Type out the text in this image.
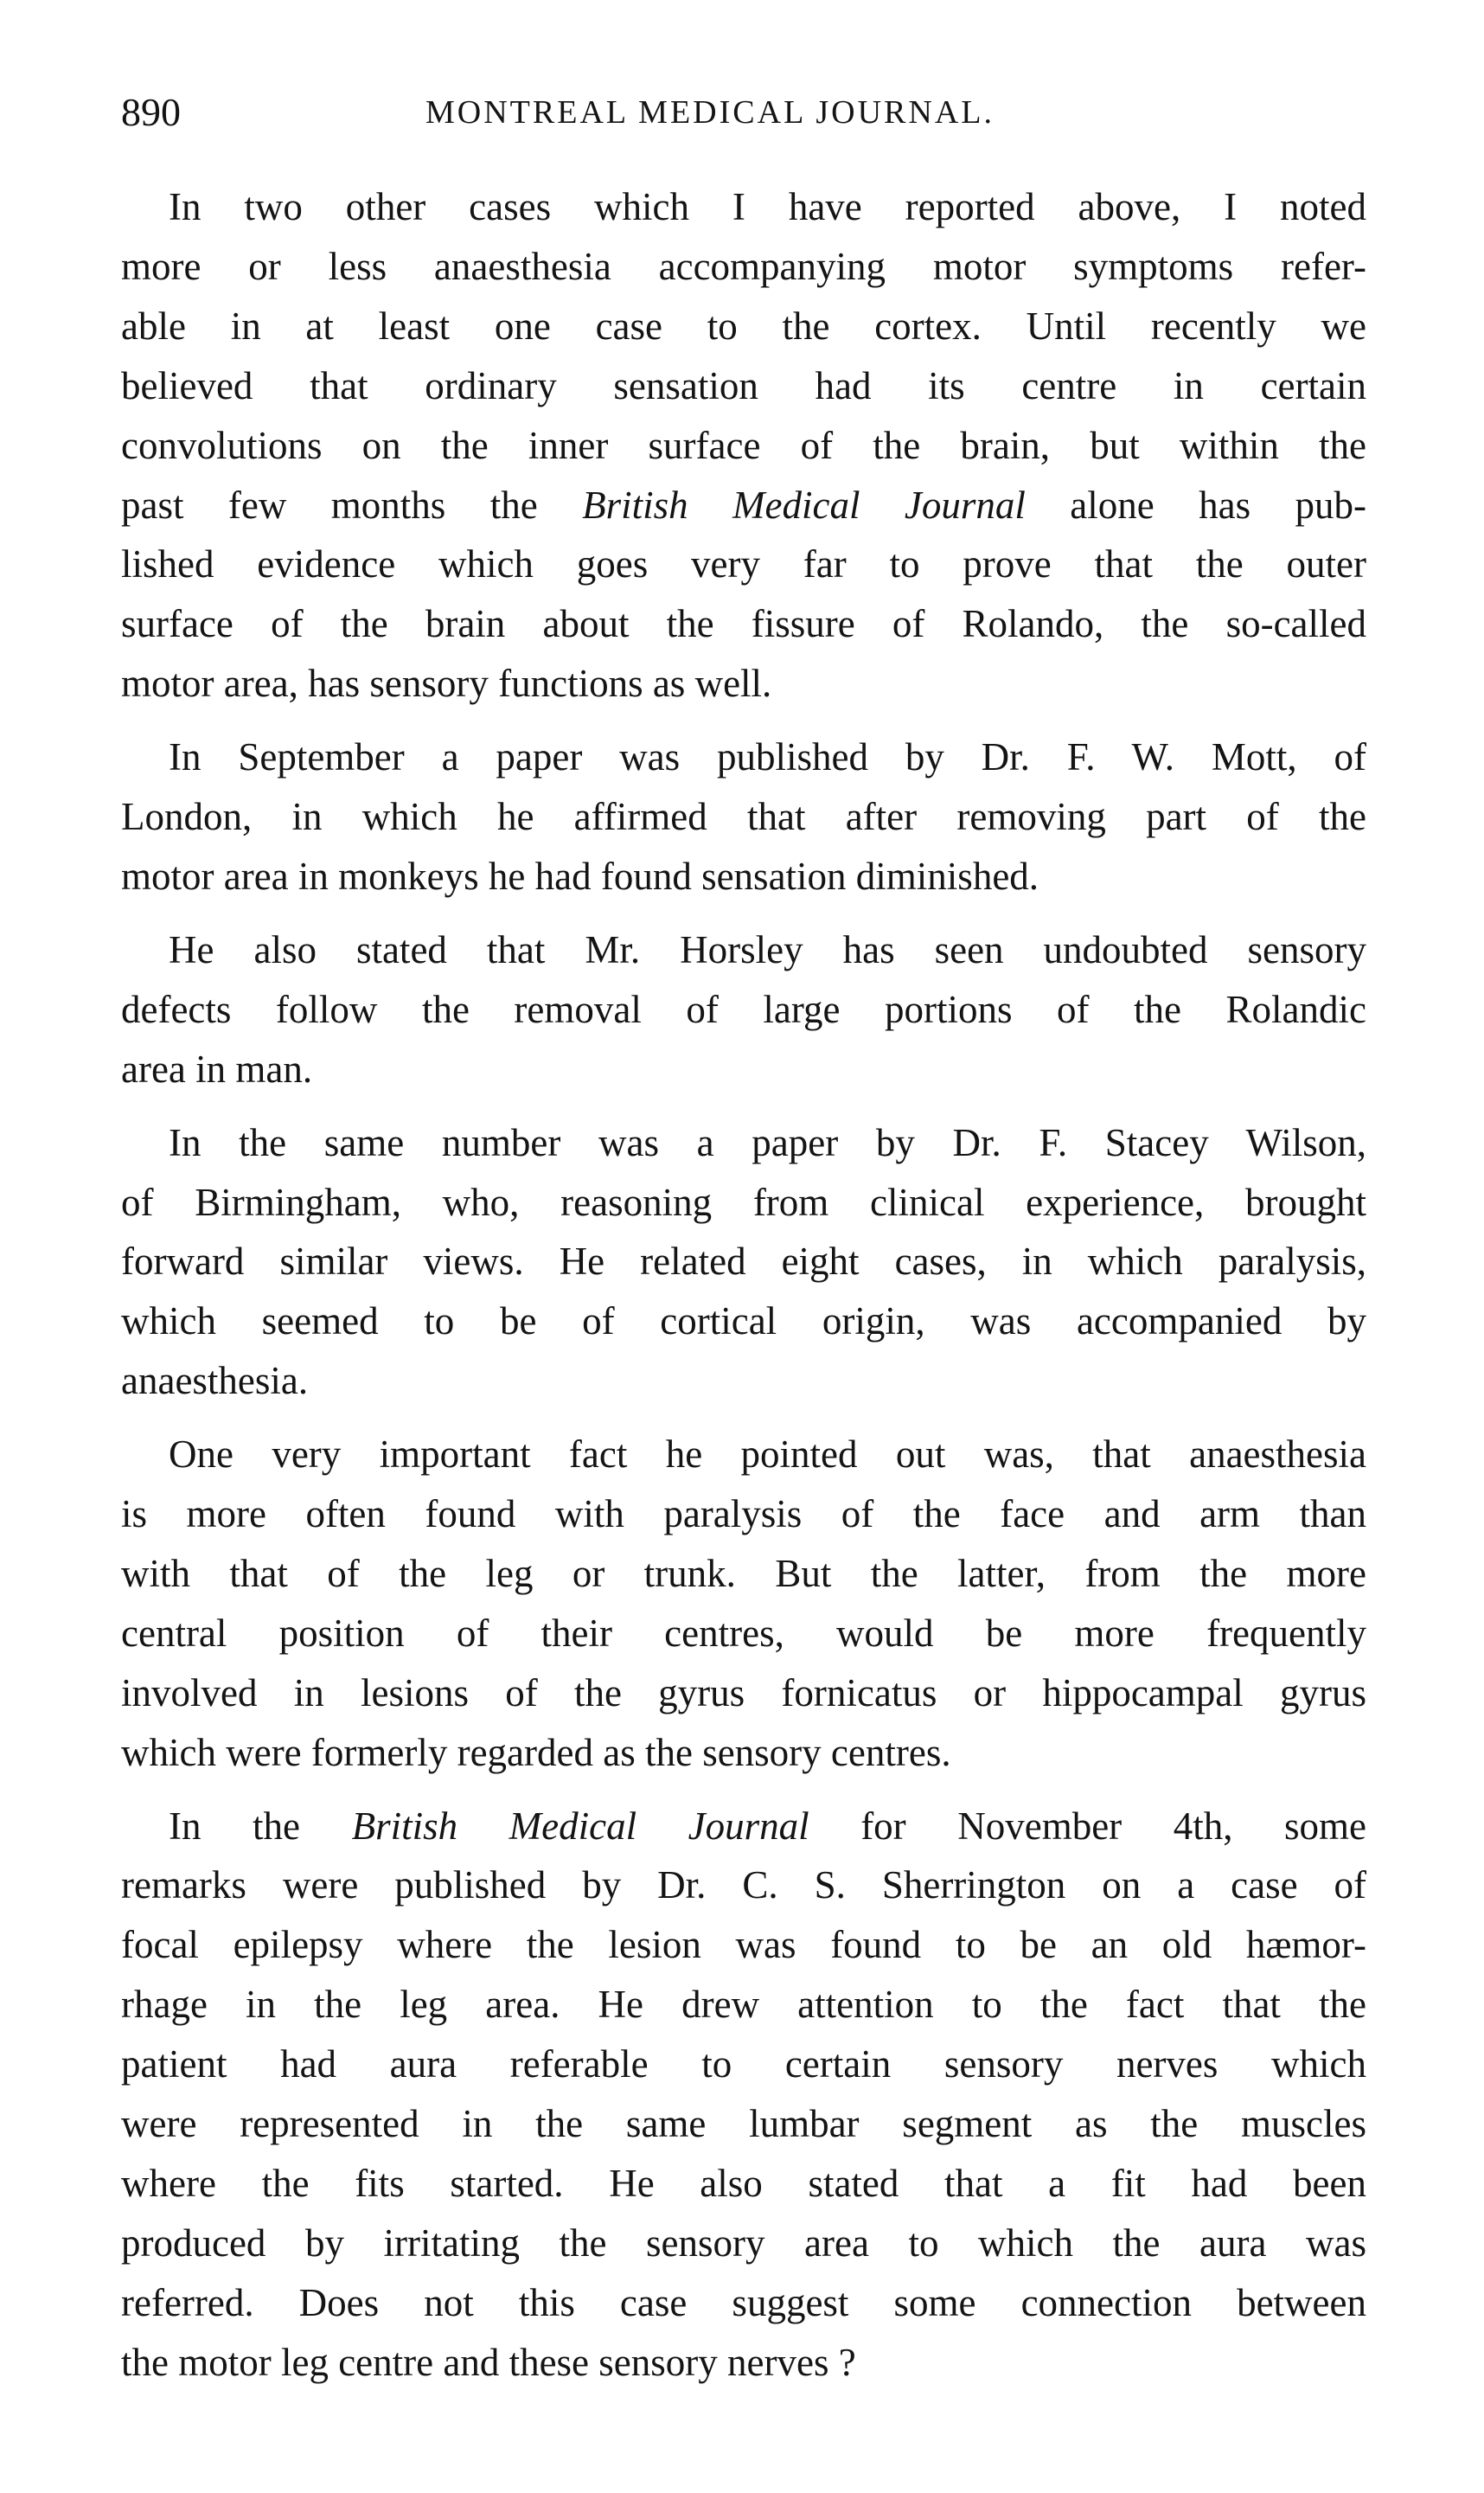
890	MONTREAL MEDICAL JOURNAL.

In two other cases which I have reported above, I noted
more or less anaesthesia accompanying motor symptoms refer-
able in at least one case to the cortex. Until recently we
believed that ordinary sensation had its centre in certain
convolutions on the inner surface of the brain, but within the
past few months the British Medical Journal alone has pub-
lished evidence which goes very far to prove that the outer
surface of the brain about the fissure of Rolando, the so-called
motor area, has sensory functions as well.

In September a paper was published by Dr. F. W. Mott, of
London, in which he affirmed that after removing part of the
motor area in monkeys he had found sensation diminished.

He also stated that Mr. Horsley has seen undoubted sensory
defects follow the removal of large portions of the Rolandic
area in man.

In the same number was a paper by Dr. F. Stacey Wilson,
of Birmingham, who, reasoning from clinical experience, brought
forward similar views. He related eight cases, in which paralysis,
which seemed to be of cortical origin, was accompanied by
anaesthesia.

One very important fact he pointed out was, that anaesthesia
is more often found with paralysis of the face and arm than
with that of the leg or trunk. But the latter, from the more
central position of their centres, would be more frequently
involved in lesions of the gyrus fornicatus or hippocampal gyrus
which were formerly regarded as the sensory centres.

In the British Medical Journal for November 4th, some
remarks were published by Dr. C. S. Sherrington on a case of
focal epilepsy where the lesion was found to be an old hæmor-
rhage in the leg area. He drew attention to the fact that the
patient had aura referable to certain sensory nerves which
were represented in the same lumbar segment as the muscles
where the fits started. He also stated that a fit had been
produced by irritating the sensory area to which the aura was
referred. Does not this case suggest some connection between
the motor leg centre and these sensory nerves ?
